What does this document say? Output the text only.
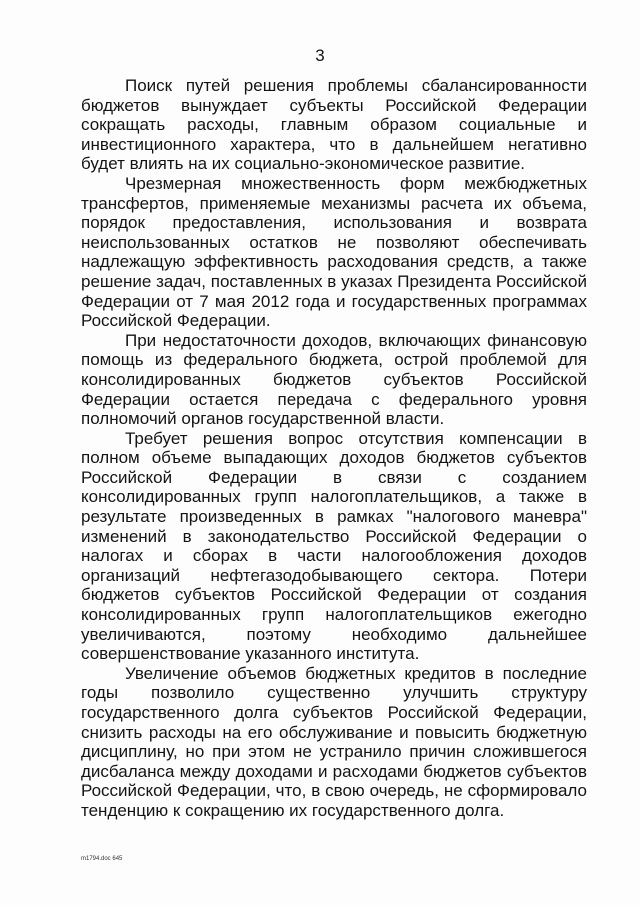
3

Поиск путей решения проблемы сбалансированности бюджетов вынуждает субъекты Российской Федерации сокращать расходы, главным образом социальные и инвестиционного характера, что в дальнейшем негативно будет влиять на их социально-экономическое развитие.

Чрезмерная множественность форм межбюджетных трансфертов, применяемые механизмы расчета их объема, порядок предоставления, использования и возврата неиспользованных остатков не позволяют обеспечивать надлежащую эффективность расходования средств, а также решение задач, поставленных в указах Президента Российской Федерации от 7 мая 2012 года и государственных программах Российской Федерации.

При недостаточности доходов, включающих финансовую помощь из федерального бюджета, острой проблемой для консолидированных бюджетов субъектов Российской Федерации остается передача с федерального уровня полномочий органов государственной власти.

Требует решения вопрос отсутствия компенсации в полном объеме выпадающих доходов бюджетов субъектов Российской Федерации в связи с созданием консолидированных групп налогоплательщиков, а также в результате произведенных в рамках "налогового маневра" изменений в законодательство Российской Федерации о налогах и сборах в части налогообложения доходов организаций нефтегазодобывающего сектора. Потери бюджетов субъектов Российской Федерации от создания консолидированных групп налогоплательщиков ежегодно увеличиваются, поэтому необходимо дальнейшее совершенствование указанного института.

Увеличение объемов бюджетных кредитов в последние годы позволило существенно улучшить структуру государственного долга субъектов Российской Федерации, снизить расходы на его обслуживание и повысить бюджетную дисциплину, но при этом не устранило причин сложившегося дисбаланса между доходами и расходами бюджетов субъектов Российской Федерации, что, в свою очередь, не сформировало тенденцию к сокращению их государственного долга.

m1794.doc 645
